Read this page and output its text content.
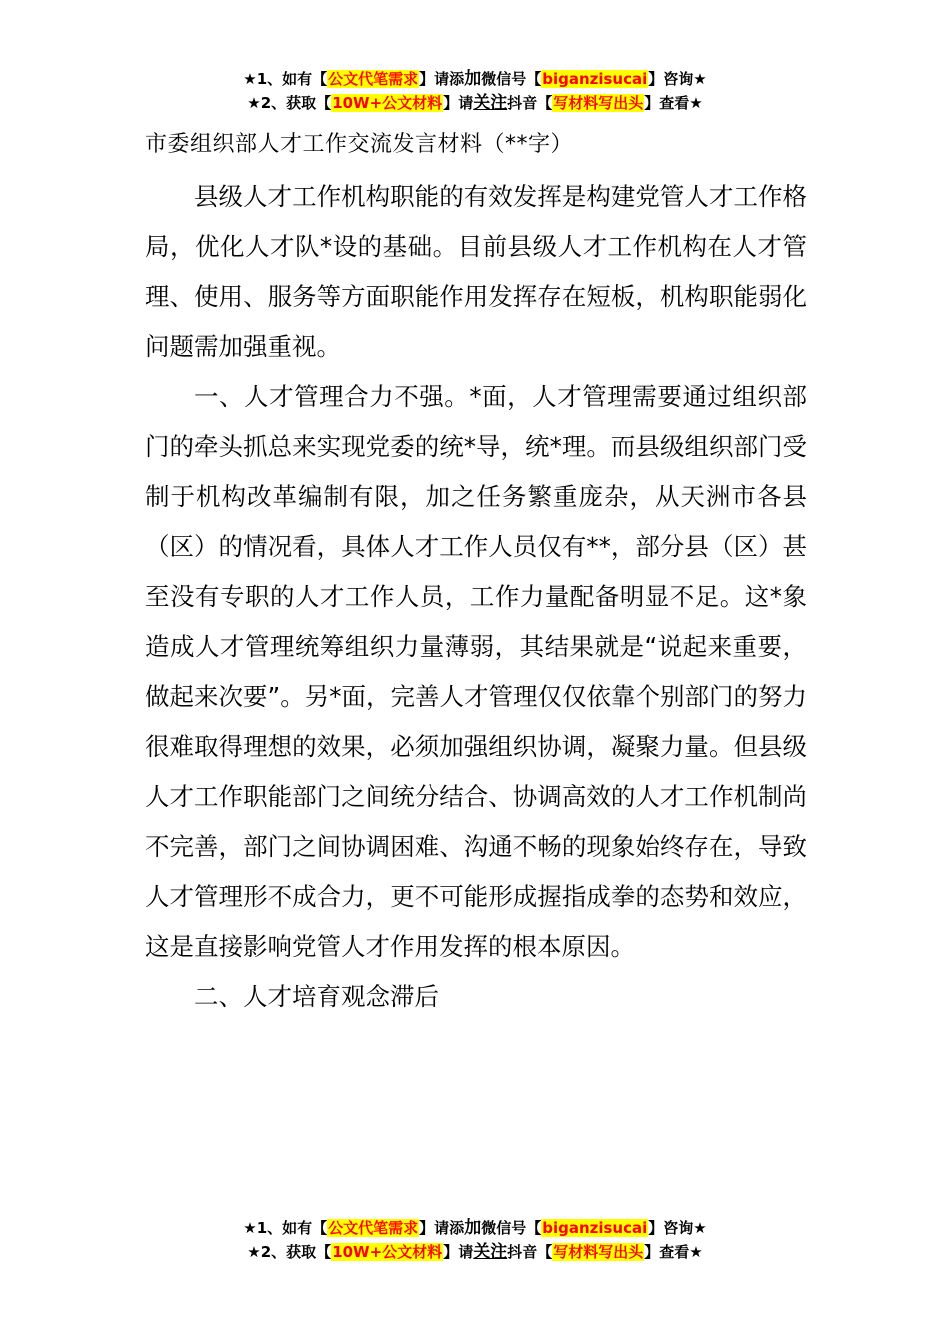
★1、如有【公文代笔需求】请添加微信号【biganzisucai】咨询★
★2、获取【10W+公文材料】请关注抖音【写材料写出头】查看★
市委组织部人才工作交流发言材料（**字）

县级人才工作机构职能的有效发挥是构建党管人才工作格局，优化人才队*设的基础。目前县级人才工作机构在人才管理、使用、服务等方面职能作用发挥存在短板，机构职能弱化问题需加强重视。

一、人才管理合力不强。*面，人才管理需要通过组织部门的牵头抓总来实现党委的统*导，统*理。而县级组织部门受制于机构改革编制有限，加之任务繁重庞杂，从天洲市各县（区）的情况看，具体人才工作人员仅有**，部分县（区）甚至没有专职的人才工作人员，工作力量配备明显不足。这*象造成人才管理统筹组织力量薄弱，其结果就是“说起来重要，做起来次要”。另*面，完善人才管理仅仅依靠个别部门的努力很难取得理想的效果，必须加强组织协调，凝聚力量。但县级人才工作职能部门之间统分结合、协调高效的人才工作机制尚不完善，部门之间协调困难、沟通不畅的现象始终存在，导致人才管理形不成合力，更不可能形成握指成拳的态势和效应，这是直接影响党管人才作用发挥的根本原因。

二、人才培育观念滞后

★1、如有【公文代笔需求】请添加微信号【biganzisucai】咨询★
★2、获取【10W+公文材料】请关注抖音【写材料写出头】查看★
